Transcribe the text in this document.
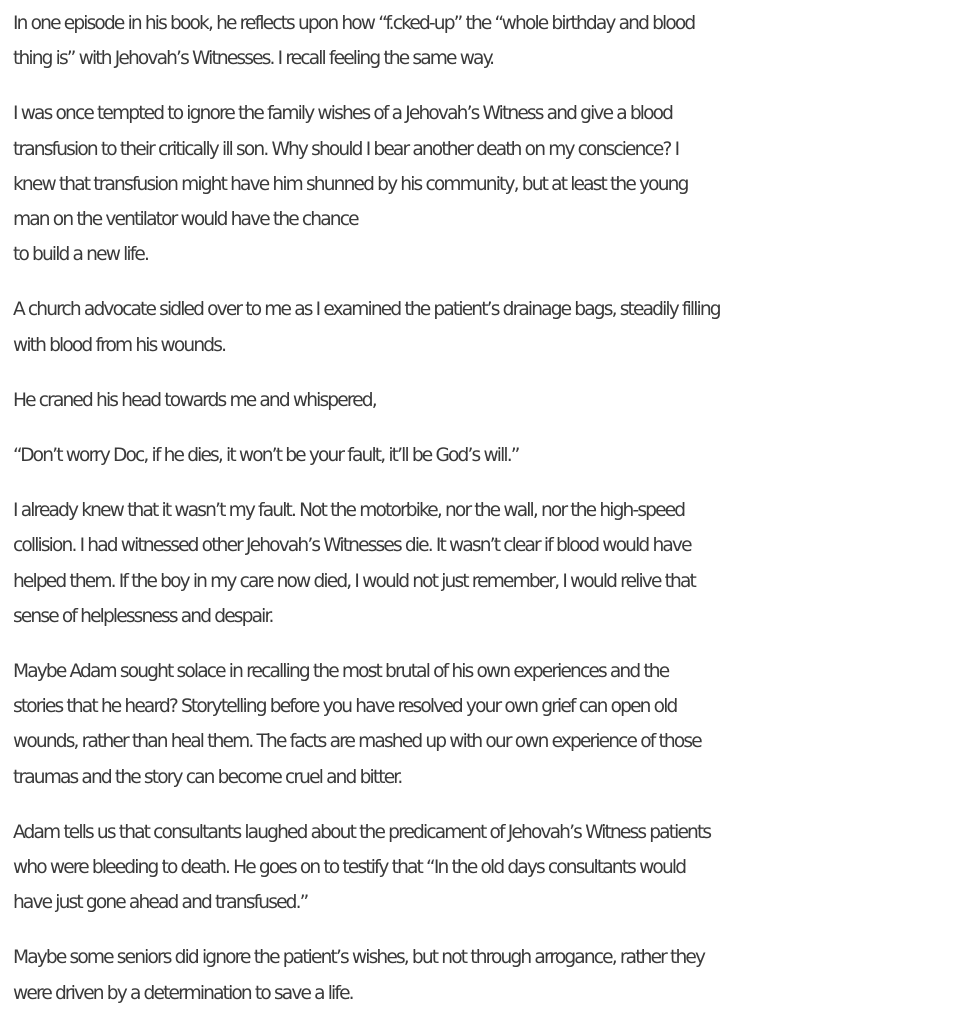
In one episode in his book, he reflects upon how “f.cked-up” the “whole birthday and blood
thing is” with Jehovah’s Witnesses. I recall feeling the same way.

I was once tempted to ignore the family wishes of a Jehovah’s Witness and give a blood
transfusion to their critically ill son. Why should I bear another death on my conscience? I
knew that transfusion might have him shunned by his community, but at least the young
man on the ventilator would have the chance
to build a new life.

A church advocate sidled over to me as I examined the patient’s drainage bags, steadily filling
with blood from his wounds.

He craned his head towards me and whispered,

“Don’t worry Doc, if he dies, it won’t be your fault, it’ll be God’s will.”

I already knew that it wasn’t my fault. Not the motorbike, nor the wall, nor the high-speed
collision. I had witnessed other Jehovah’s Witnesses die. It wasn’t clear if blood would have
helped them. If the boy in my care now died, I would not just remember, I would relive that
sense of helplessness and despair.

Maybe Adam sought solace in recalling the most brutal of his own experiences and the
stories that he heard? Storytelling before you have resolved your own grief can open old
wounds, rather than heal them. The facts are mashed up with our own experience of those
traumas and the story can become cruel and bitter.

Adam tells us that consultants laughed about the predicament of Jehovah’s Witness patients
who were bleeding to death. He goes on to testify that “In the old days consultants would
have just gone ahead and transfused.”

Maybe some seniors did ignore the patient’s wishes, but not through arrogance, rather they
were driven by a determination to save a life.
